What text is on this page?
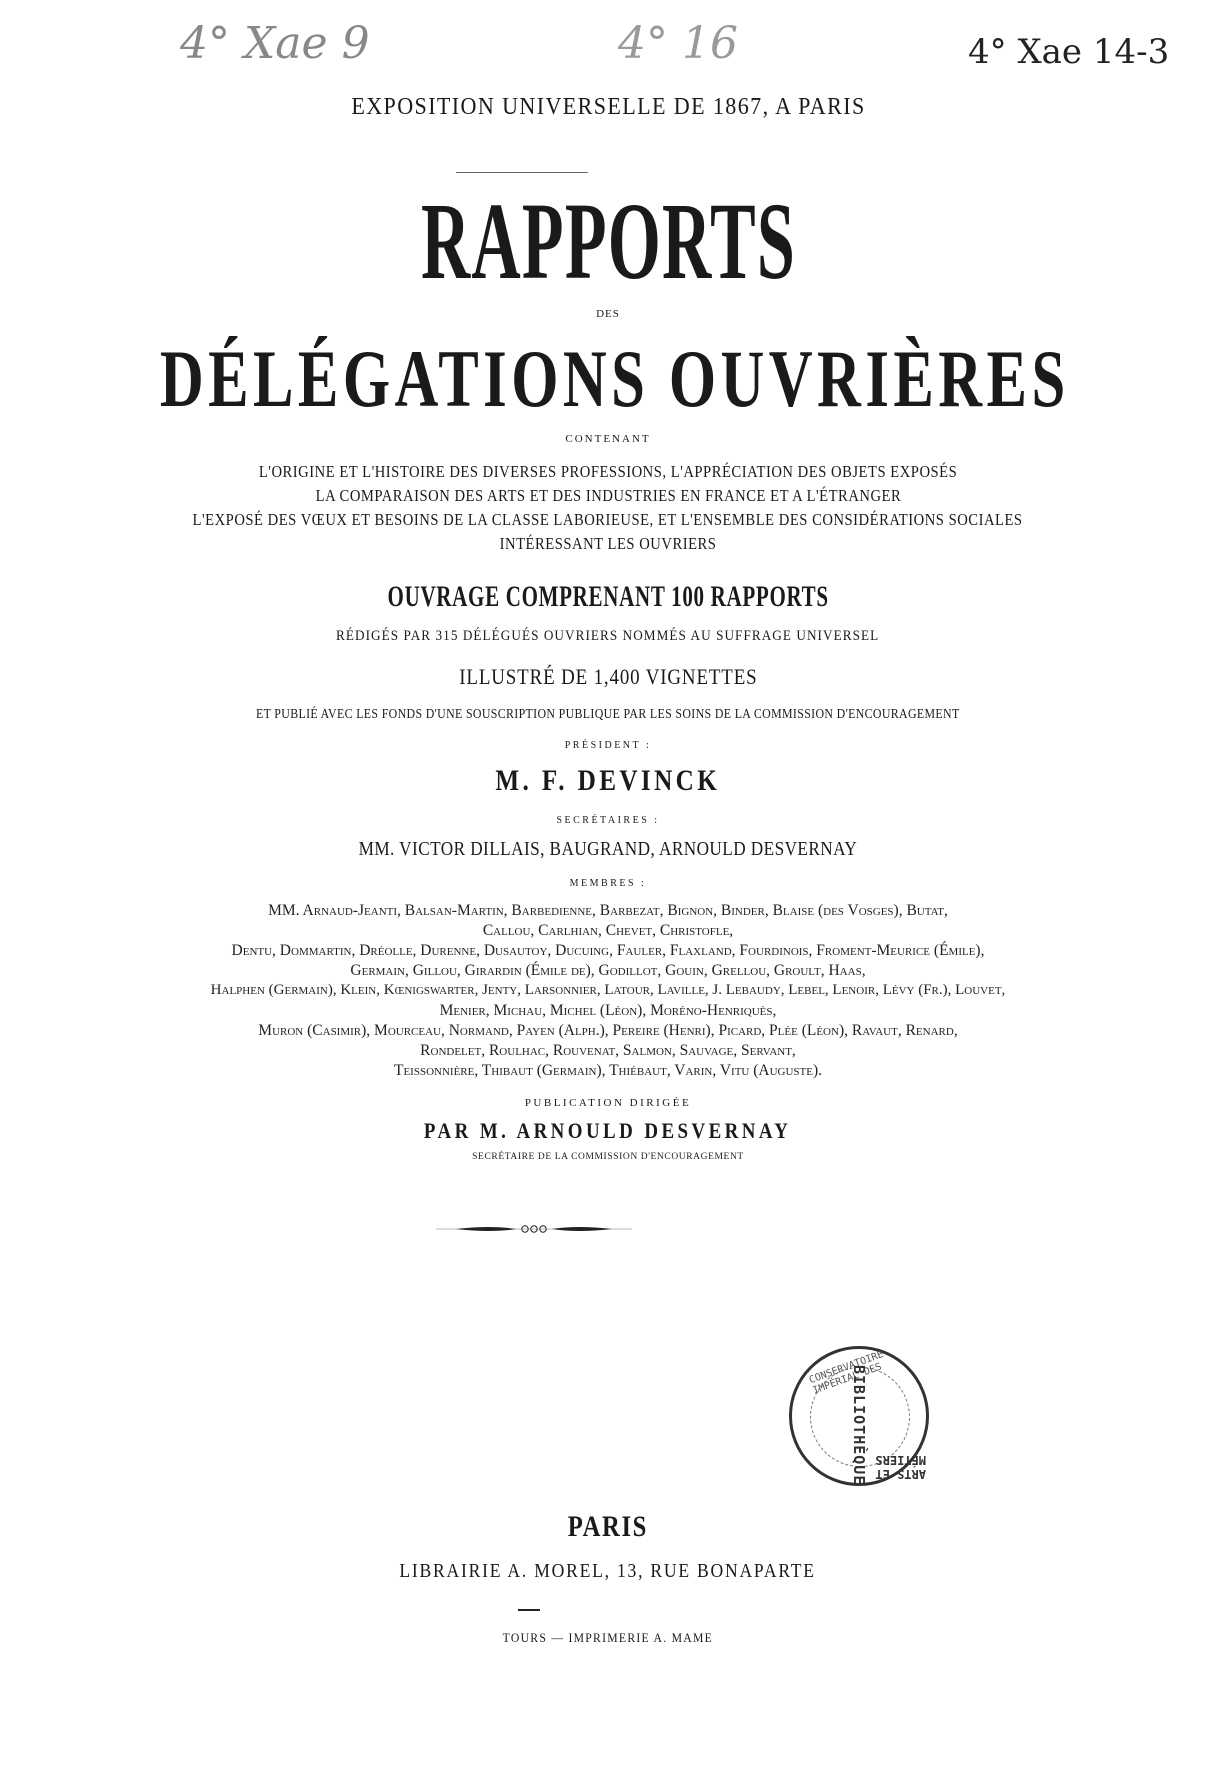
4° Xae 9	4° 16	4° Xae 14-3
EXPOSITION UNIVERSELLE DE 1867, A PARIS
RAPPORTS
DES
DÉLÉGATIONS OUVRIÈRES
CONTENANT
L'ORIGINE ET L'HISTOIRE DES DIVERSES PROFESSIONS, L'APPRÉCIATION DES OBJETS EXPOSÉS
LA COMPARAISON DES ARTS ET DES INDUSTRIES EN FRANCE ET A L'ÉTRANGER
L'EXPOSÉ DES VŒUX ET BESOINS DE LA CLASSE LABORIEUSE, ET L'ENSEMBLE DES CONSIDÉRATIONS SOCIALES
INTÉRESSANT LES OUVRIERS
OUVRAGE COMPRENANT 100 RAPPORTS
RÉDIGÉS PAR 315 DÉLÉGUÉS OUVRIERS NOMMÉS AU SUFFRAGE UNIVERSEL
ILLUSTRÉ DE 1,400 VIGNETTES
ET PUBLIÉ AVEC LES FONDS D'UNE SOUSCRIPTION PUBLIQUE PAR LES SOINS DE LA COMMISSION D'ENCOURAGEMENT
PRÉSIDENT :
M. F. DEVINCK
SECRÉTAIRES :
MM. VICTOR DILLAIS, BAUGRAND, ARNOULD DESVERNAY
MEMBRES :
MM. Arnaud-Jeanti, Balsan-Martin, Barbedienne, Barbezat, Bignon, Binder, Blaise (des Vosges), Butat,
Callou, Carlhian, Chevet, Christofle,
Dentu, Dommartin, Dréolle, Durenne, Dusautoy, Ducuing, Fauler, Flaxland, Fourdinois, Froment-Meurice (Émile),
Germain, Gillou, Girardin (Émile de), Godillot, Gouin, Grellou, Groult, Haas,
Halphen (Germain), Klein, Kœnigswarter, Jenty, Larsonnier, Latour, Laville, J. Lebaudy, Lebel, Lenoir, Lévy (Fr.), Louvet,
Menier, Michau, Michel (Léon), Moréno-Henriquès,
Muron (Casimir), Mourceau, Normand, Payen (Alph.), Pereire (Henri), Picard, Plée (Léon), Ravaut, Renard,
Rondelet, Roulhac, Rouvenat, Salmon, Sauvage, Servant,
Teissonnière, Thibaut (Germain), Thiébaut, Varin, Vitu (Auguste).
PUBLICATION DIRIGÉE
PAR M. ARNOULD DESVERNAY
SECRÉTAIRE DE LA COMMISSION D'ENCOURAGEMENT
CONSERVATOIRE IMPÉRIAL DES
BIBLIOTHÈQUE ARTS ET MÉTIERS
PARIS
LIBRAIRIE A. MOREL, 13, RUE BONAPARTE
TOURS — IMPRIMERIE A. MAME
